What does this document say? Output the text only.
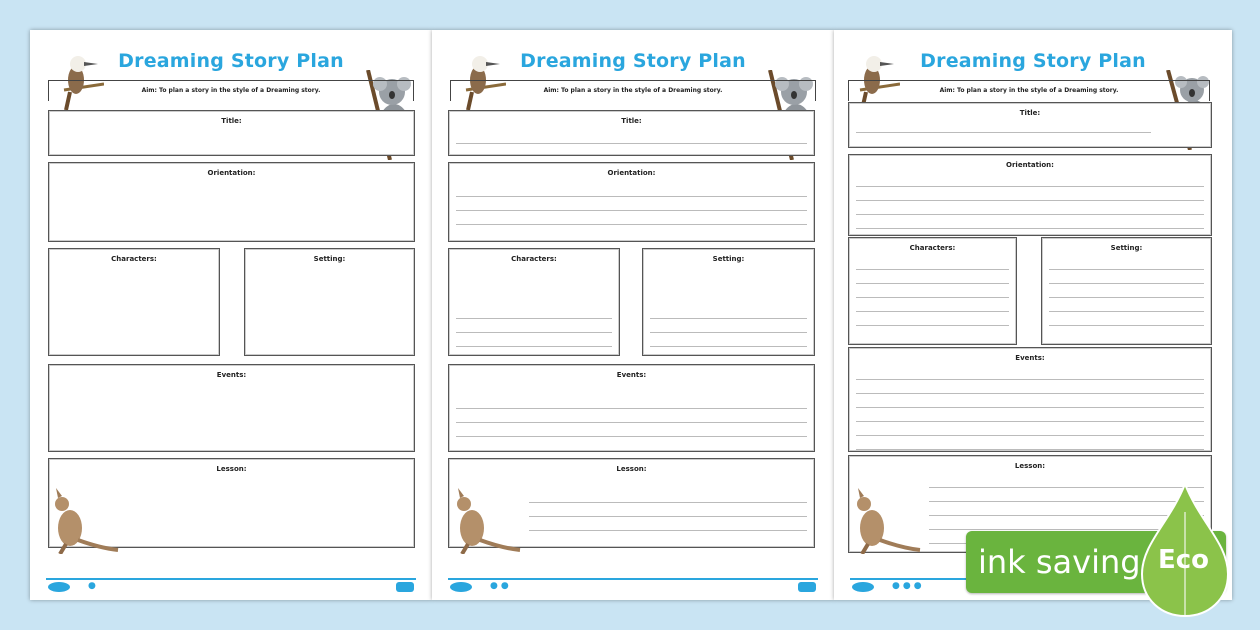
Dreaming Story Plan
Aim: To plan a story in the style of a Dreaming story.
Title:
Orientation:
Characters:	Setting:
Events:
Lesson:
●
Dreaming Story Plan
Aim: To plan a story in the style of a Dreaming story.
Title:
Orientation:
Characters:	Setting:
Events:
Lesson:
●●
Dreaming Story Plan
Aim: To plan a story in the style of a Dreaming story.
Title:
Orientation:
Characters:	Setting:
Events:
Lesson:
●●●
ink saving Eco
